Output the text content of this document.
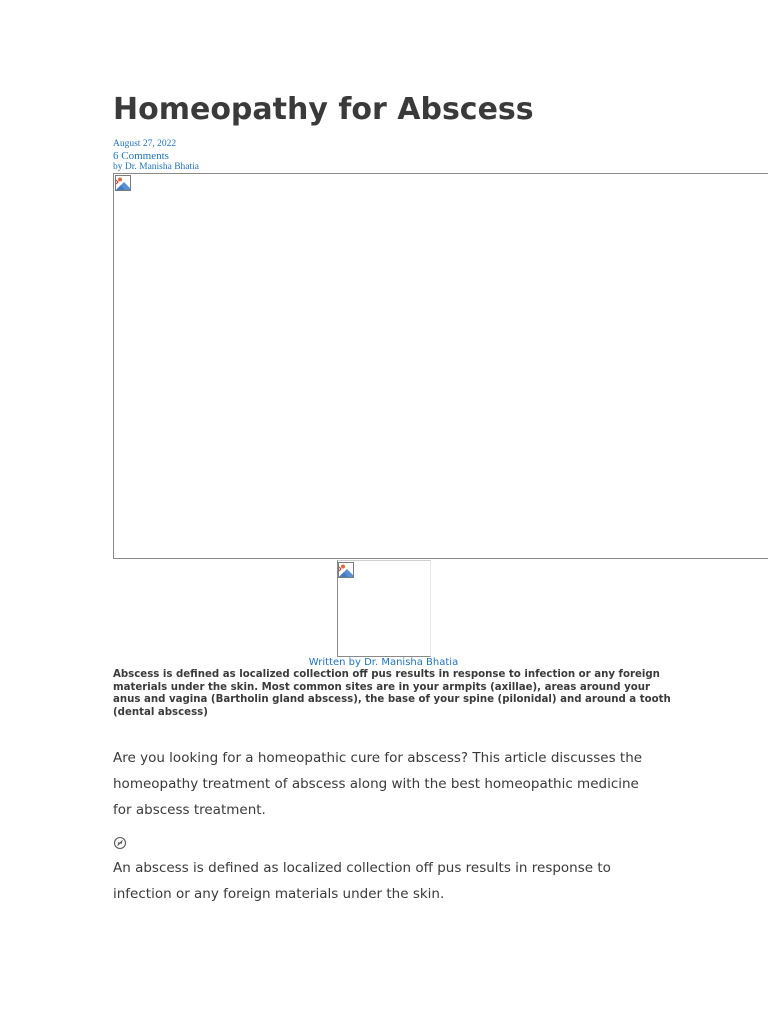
Homeopathy for Abscess
August 27, 2022
6 Comments
by Dr. Manisha Bhatia
Written by Dr. Manisha Bhatia

Abscess is defined as localized collection off pus results in response to infection or any foreign materials under the skin. Most common sites are in your armpits (axillae), areas around your anus and vagina (Bartholin gland abscess), the base of your spine (pilonidal) and around a tooth (dental abscess)

Are you looking for a homeopathic cure for abscess? This article discusses the homeopathy treatment of abscess along with the best homeopathic medicine for abscess treatment.

An abscess is defined as localized collection off pus results in response to infection or any foreign materials under the skin.
